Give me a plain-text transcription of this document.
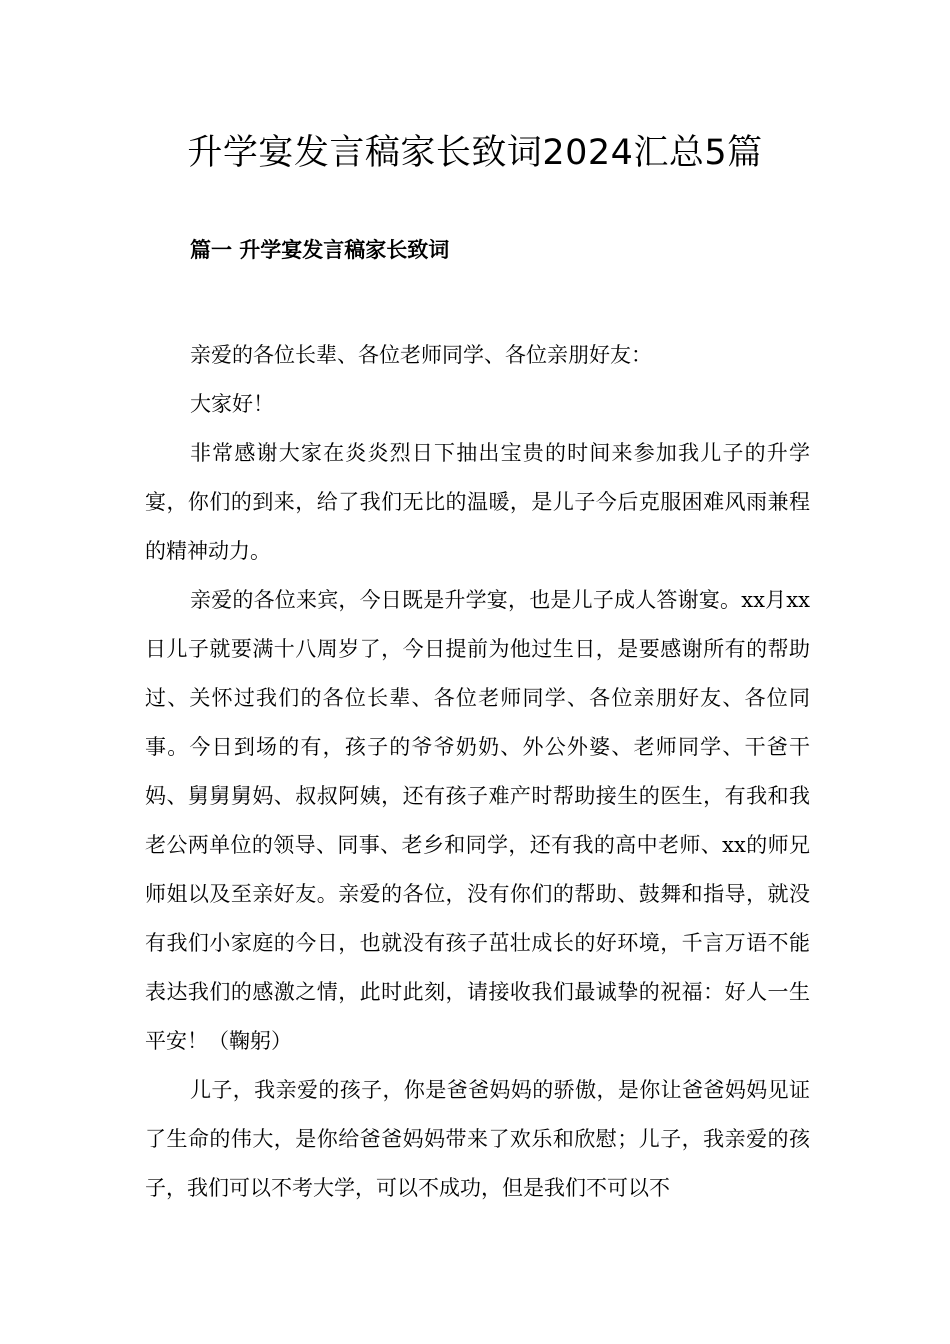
升学宴发言稿家长致词2024汇总5篇
篇一 升学宴发言稿家长致词

亲爱的各位长辈、各位老师同学、各位亲朋好友：

大家好！

非常感谢大家在炎炎烈日下抽出宝贵的时间来参加我儿子的升学宴，你们的到来，给了我们无比的温暖，是儿子今后克服困难风雨兼程的精神动力。

亲爱的各位来宾，今日既是升学宴，也是儿子成人答谢宴。xx月xx日儿子就要满十八周岁了，今日提前为他过生日，是要感谢所有的帮助过、关怀过我们的各位长辈、各位老师同学、各位亲朋好友、各位同事。今日到场的有，孩子的爷爷奶奶、外公外婆、老师同学、干爸干妈、舅舅舅妈、叔叔阿姨，还有孩子难产时帮助接生的医生，有我和我老公两单位的领导、同事、老乡和同学，还有我的高中老师、xx的师兄师姐以及至亲好友。亲爱的各位，没有你们的帮助、鼓舞和指导，就没有我们小家庭的今日，也就没有孩子茁壮成长的好环境，千言万语不能表达我们的感激之情，此时此刻，请接收我们最诚挚的祝福：好人一生平安！（鞠躬）

儿子，我亲爱的孩子，你是爸爸妈妈的骄傲，是你让爸爸妈妈见证了生命的伟大，是你给爸爸妈妈带来了欢乐和欣慰；儿子，我亲爱的孩子，我们可以不考大学，可以不成功，但是我们不可以不
